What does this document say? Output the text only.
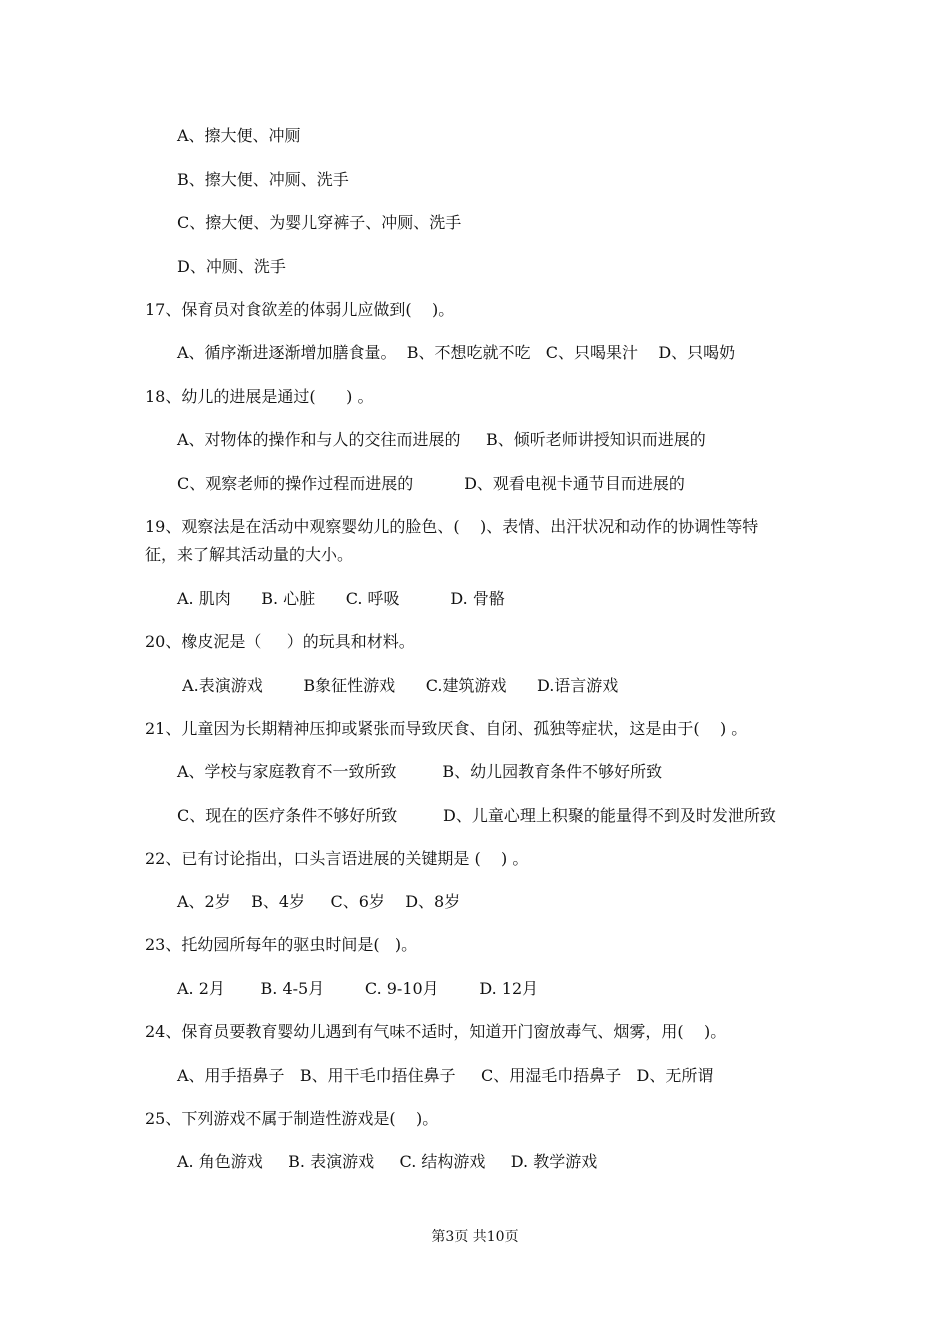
A、擦大便、冲厕
B、擦大便、冲厕、洗手
C、擦大便、为婴儿穿裤子、冲厕、洗手
D、冲厕、洗手
17、保育员对食欲差的体弱儿应做到(    )。
A、循序渐进逐渐增加膳食量。  B、不想吃就不吃   C、只喝果汁    D、只喝奶
18、幼儿的进展是通过(      ) 。
A、对物体的操作和与人的交往而进展的     B、倾听老师讲授知识而进展的
C、观察老师的操作过程而进展的          D、观看电视卡通节目而进展的
19、观察法是在活动中观察婴幼儿的脸色、(    )、表情、出汗状况和动作的协调性等特
征，来了解其活动量的大小。
A. 肌肉      B. 心脏      C. 呼吸          D. 骨骼
20、橡皮泥是（     ）的玩具和材料。
A.表演游戏        B象征性游戏      C.建筑游戏      D.语言游戏
21、儿童因为长期精神压抑或紧张而导致厌食、自闭、孤独等症状，这是由于(    ) 。
A、学校与家庭教育不一致所致         B、幼儿园教育条件不够好所致
C、现在的医疗条件不够好所致         D、儿童心理上积聚的能量得不到及时发泄所致
22、已有讨论指出，口头言语进展的关键期是 (    ) 。
A、2岁    B、4岁     C、6岁    D、8岁
23、托幼园所每年的驱虫时间是(   )。
A. 2月       B. 4-5月        C. 9-10月        D. 12月
24、保育员要教育婴幼儿遇到有气味不适时，知道开门窗放毒气、烟雾，用(    )。
A、用手捂鼻子   B、用干毛巾捂住鼻子     C、用湿毛巾捂鼻子   D、无所谓
25、下列游戏不属于制造性游戏是(    )。
A. 角色游戏     B. 表演游戏     C. 结构游戏     D. 教学游戏
第3页 共10页
